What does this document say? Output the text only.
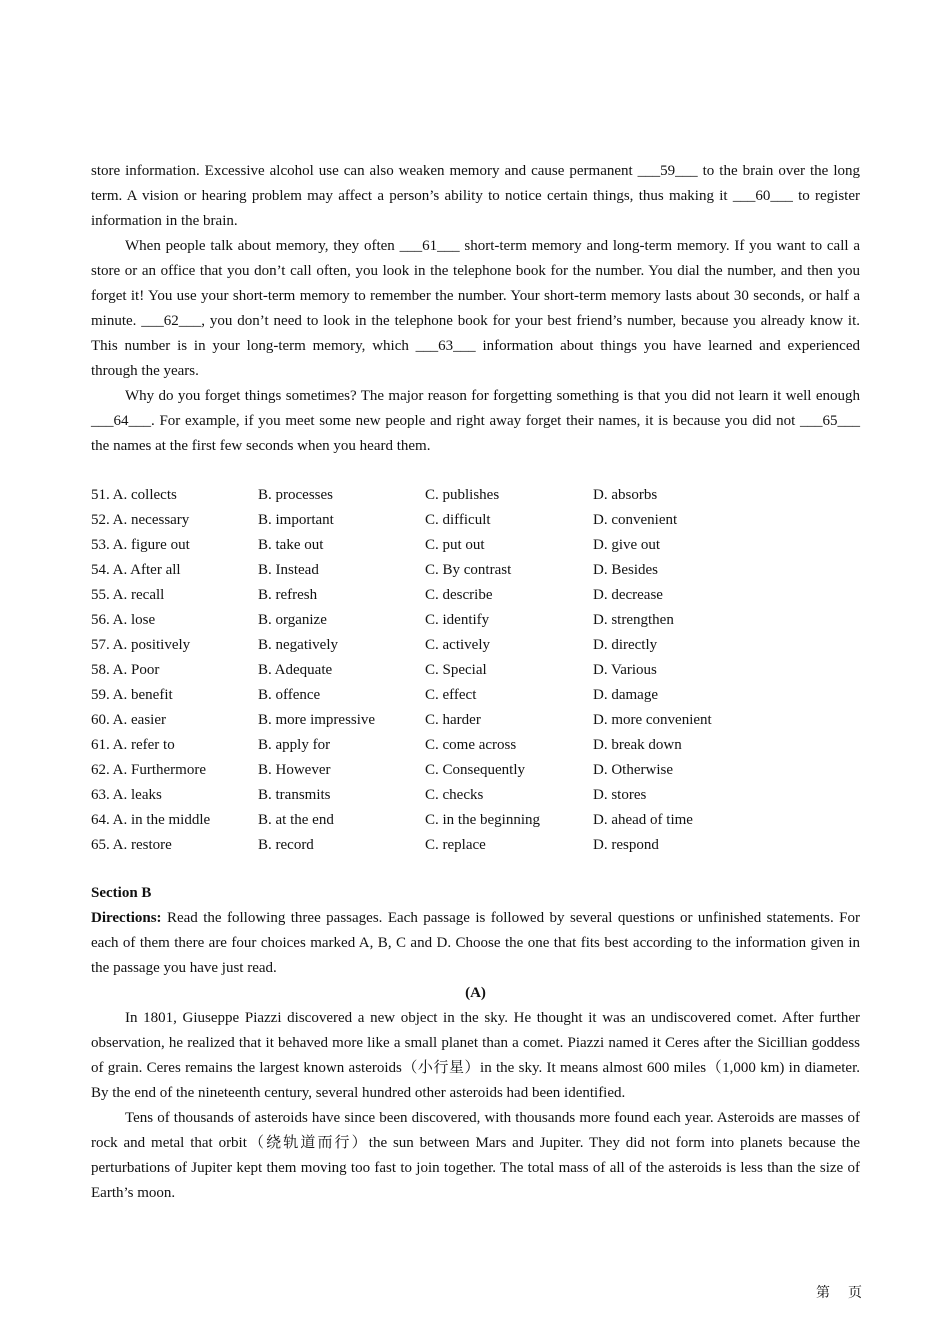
store information. Excessive alcohol use can also weaken memory and cause permanent ___59___ to the brain over the long term. A vision or hearing problem may affect a person’s ability to notice certain things, thus making it ___60___ to register information in the brain.

When people talk about memory, they often ___61___ short-term memory and long-term memory. If you want to call a store or an office that you don’t call often, you look in the telephone book for the number. You dial the number, and then you forget it! You use your short-term memory to remember the number. Your short-term memory lasts about 30 seconds, or half a minute. ___62___, you don’t need to look in the telephone book for your best friend’s number, because you already know it. This number is in your long-term memory, which ___63___ information about things you have learned and experienced through the years.

Why do you forget things sometimes? The major reason for forgetting something is that you did not learn it well enough ___64___. For example, if you meet some new people and right away forget their names, it is because you did not ___65___ the names at the first few seconds when you heard them.

51. A. collects	B. processes	C. publishes	D. absorbs
52. A. necessary	B. important	C. difficult	D. convenient
53. A. figure out	B. take out	C. put out	D. give out
54. A. After all	B. Instead	C. By contrast	D. Besides
55. A. recall	B. refresh	C. describe	D. decrease
56. A. lose	B. organize	C. identify	D. strengthen
57. A. positively	B. negatively	C. actively	D. directly
58. A. Poor	B. Adequate	C. Special	D. Various
59. A. benefit	B. offence	C. effect	D. damage
60. A. easier	B. more impressive	C. harder	D. more convenient
61. A. refer to	B. apply for	C. come across	D. break down
62. A. Furthermore	B. However	C. Consequently	D. Otherwise
63. A. leaks	B. transmits	C. checks	D. stores
64. A. in the middle	B. at the end	C. in the beginning	D. ahead of time
65. A. restore	B. record	C. replace	D. respond

Section B

Directions: Read the following three passages. Each passage is followed by several questions or unfinished statements. For each of them there are four choices marked A, B, C and D. Choose the one that fits best according to the information given in the passage you have just read.

(A)

In 1801, Giuseppe Piazzi discovered a new object in the sky. He thought it was an undiscovered comet. After further observation, he realized that it behaved more like a small planet than a comet. Piazzi named it Ceres after the Sicillian goddess of grain. Ceres remains the largest known asteroids（小行星）in the sky. It means almost 600 miles（1,000 km) in diameter. By the end of the nineteenth century, several hundred other asteroids had been identified.

Tens of thousands of asteroids have since been discovered, with thousands more found each year. Asteroids are masses of rock and metal that orbit（绕轨道而行）the sun between Mars and Jupiter. They did not form into planets because the perturbations of Jupiter kept them moving too fast to join together. The total mass of all of the asteroids is less than the size of Earth’s moon.

第 页
